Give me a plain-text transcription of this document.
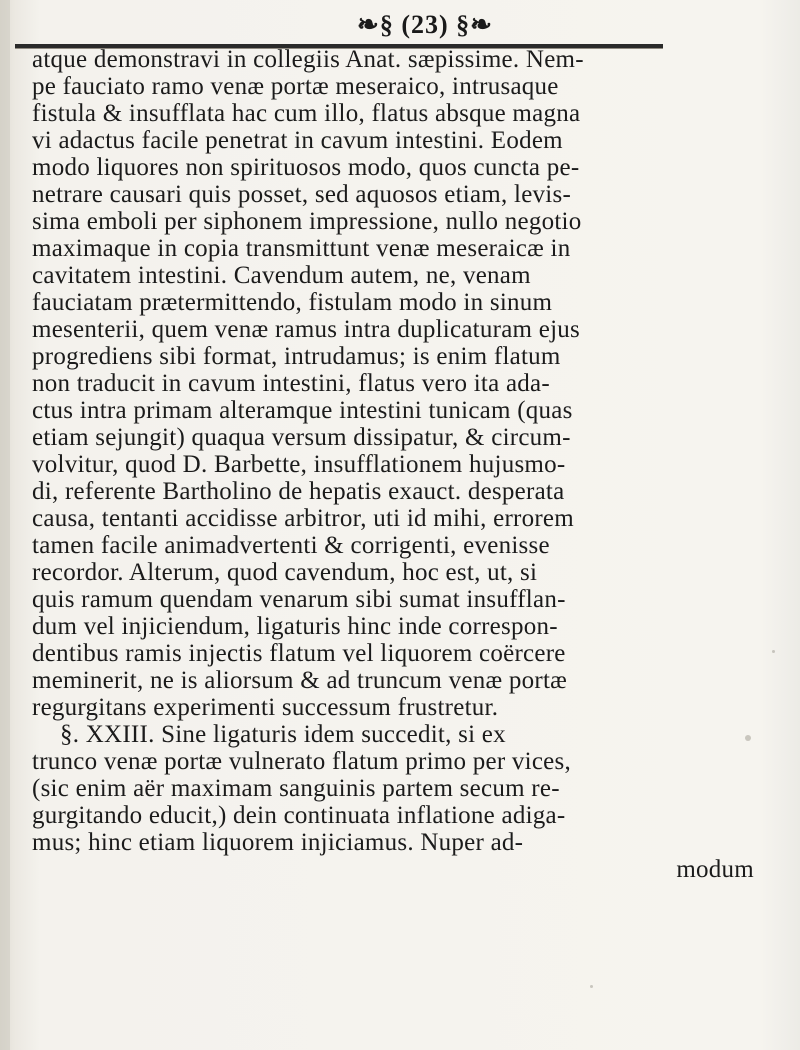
❧§ (23) §❧
atque demonstravi in collegiis Anat. sæpissime. Nem-
pe fauciato ramo venæ portæ meseraico, intrusaque
fistula & insufflata hac cum illo, flatus absque magna
vi adactus facile penetrat in cavum intestini. Eodem
modo liquores non spirituosos modo, quos cuncta pe-
netrare causari quis posset, sed aquosos etiam, levis-
sima emboli per siphonem impressione, nullo negotio
maximaque in copia transmittunt venæ meseraicæ in
cavitatem intestini. Cavendum autem, ne, venam
fauciatam prætermittendo, fistulam modo in sinum
mesenterii, quem venæ ramus intra duplicaturam ejus
progrediens sibi format, intrudamus; is enim flatum
non traducit in cavum intestini, flatus vero ita ada-
ctus intra primam alteramque intestini tunicam (quas
etiam sejungit) quaqua versum dissipatur, & circum-
volvitur, quod D. Barbette, insufflationem hujusmo-
di, referente Bartholino de hepatis exauct. desperata
causa, tentanti accidisse arbitror, uti id mihi, errorem
tamen facile animadvertenti & corrigenti, evenisse
recordor. Alterum, quod cavendum, hoc est, ut, si
quis ramum quendam venarum sibi sumat insufflan-
dum vel injiciendum, ligaturis hinc inde correspon-
dentibus ramis injectis flatum vel liquorem coërcere
meminerit, ne is aliorsum & ad truncum venæ portæ
regurgitans experimenti successum frustretur.
§. XXIII. Sine ligaturis idem succedit, si ex
trunco venæ portæ vulnerato flatum primo per vices,
(sic enim aër maximam sanguinis partem secum re-
gurgitando educit,) dein continuata inflatione adiga-
mus; hinc etiam liquorem injiciamus. Nuper ad-
modum
